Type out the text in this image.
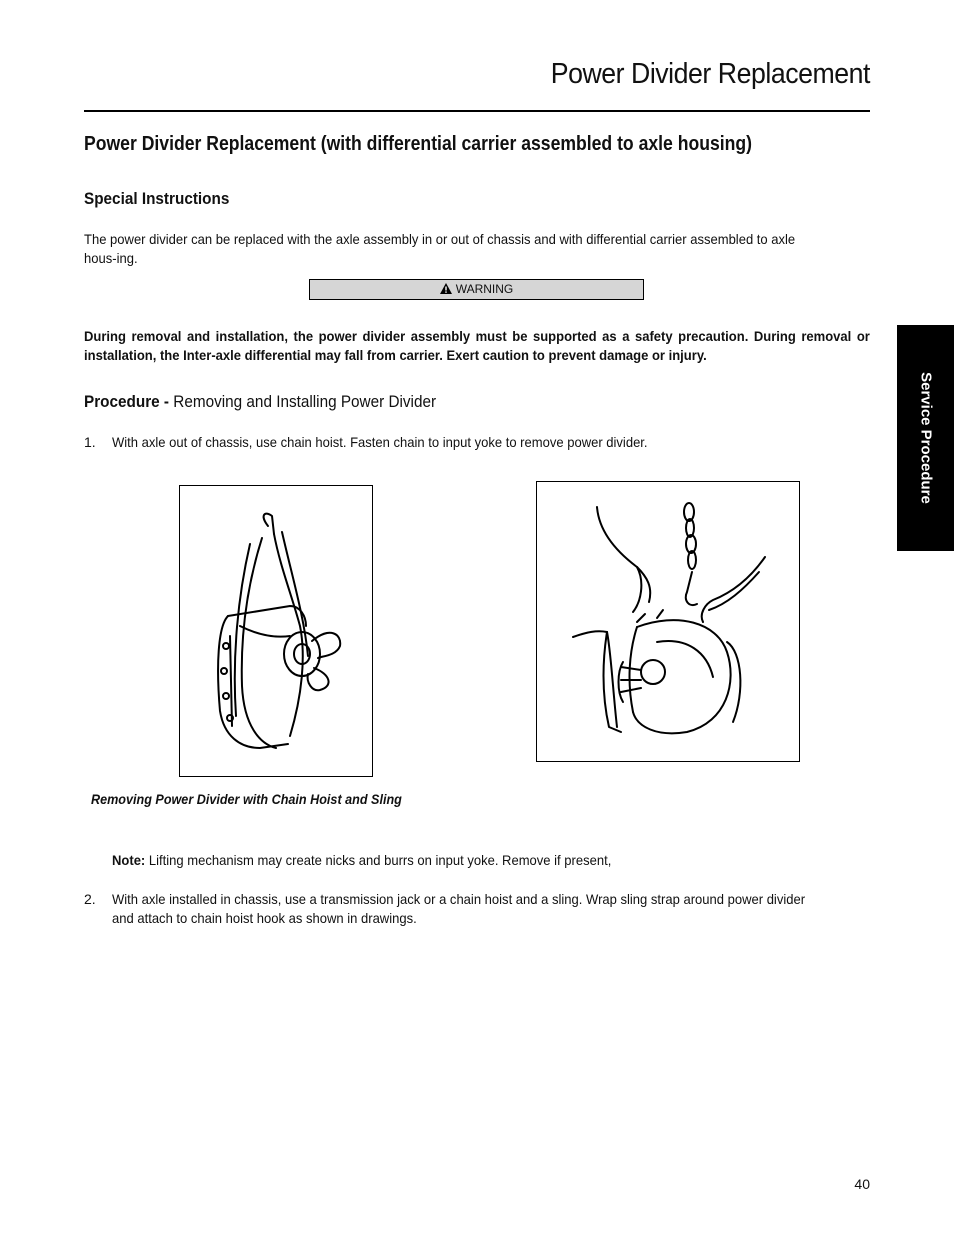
Power Divider Replacement
Power Divider Replacement (with differential carrier assembled to axle housing)
Special Instructions
The power divider can be replaced with the axle assembly in or out of chassis and with differential carrier assembled to axle hous-ing.
WARNING
During removal and installation, the power divider assembly must be supported as a safety precaution. During removal or installation, the Inter-axle differential may fall from carrier. Exert caution to prevent damage or injury.
Procedure - Removing and Installing Power Divider
1. With axle out of chassis, use chain hoist. Fasten chain to input yoke to remove power divider.
Removing Power Divider with Chain Hoist and Sling
Note: Lifting mechanism may create nicks and burrs on input yoke. Remove if present,
2. With axle installed in chassis, use a transmission jack or a chain hoist and a sling. Wrap sling strap around power divider and attach to chain hoist hook as shown in drawings.
Service Procedure
40
